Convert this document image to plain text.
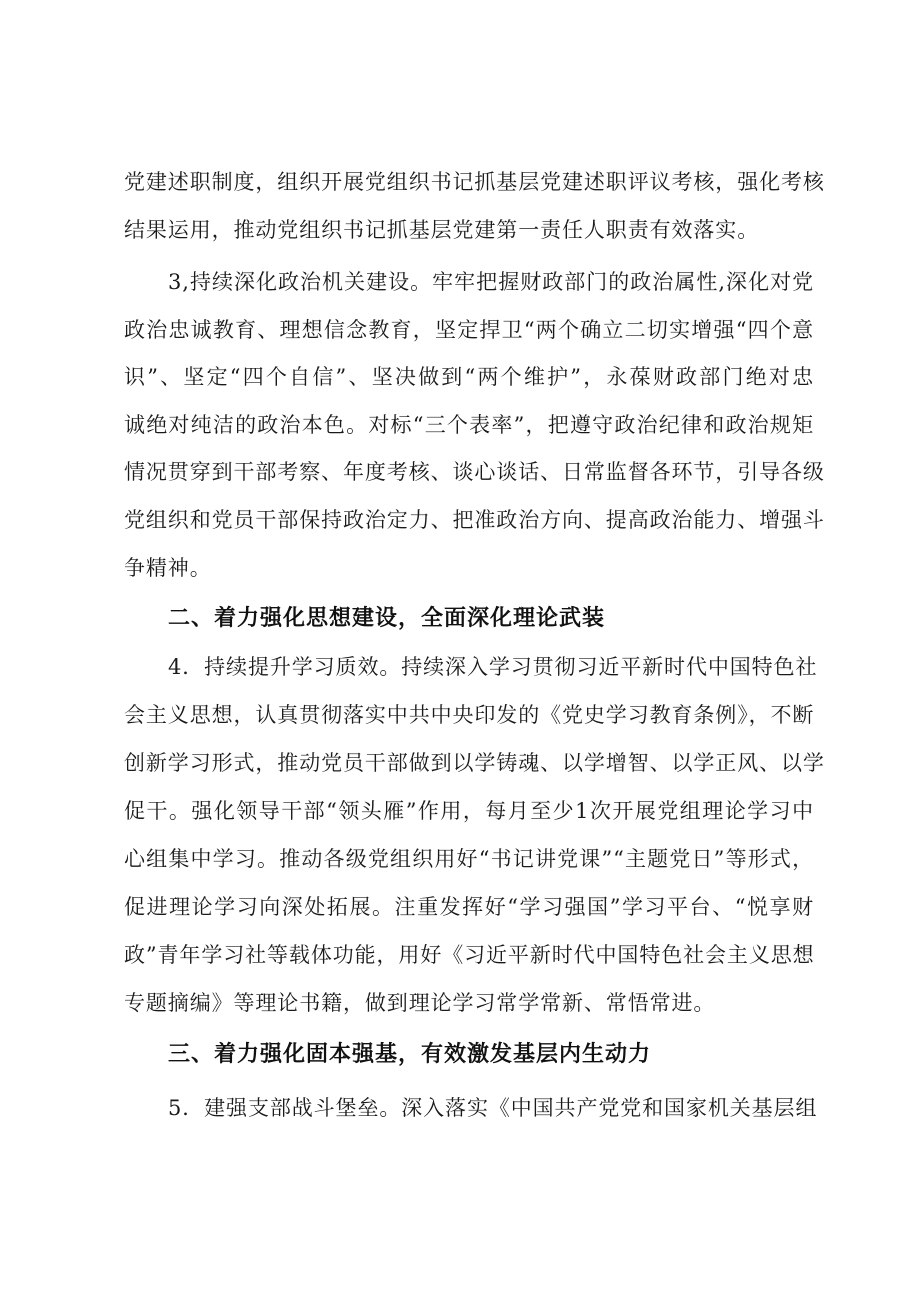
党建述职制度，组织开展党组织书记抓基层党建述职评议考核，强化考核
结果运用，推动党组织书记抓基层党建第一责任人职责有效落实。
3,持续深化政治机关建设。牢牢把握财政部门的政治属性,深化对党
政治忠诚教育、理想信念教育，坚定捍卫“两个确立二切实增强“四个意
识”、坚定“四个自信”、坚决做到“两个维护”，永葆财政部门绝对忠
诚绝对纯洁的政治本色。对标“三个表率”，把遵守政治纪律和政治规矩
情况贯穿到干部考察、年度考核、谈心谈话、日常监督各环节，引导各级
党组织和党员干部保持政治定力、把准政治方向、提高政治能力、增强斗
争精神。
二、着力强化思想建设，全面深化理论武装
4．持续提升学习质效。持续深入学习贯彻习近平新时代中国特色社
会主义思想，认真贯彻落实中共中央印发的《党史学习教育条例》，不断
创新学习形式，推动党员干部做到以学铸魂、以学增智、以学正风、以学
促干。强化领导干部“领头雁”作用，每月至少1次开展党组理论学习中
心组集中学习。推动各级党组织用好“书记讲党课”“主题党日”等形式，
促进理论学习向深处拓展。注重发挥好“学习强国”学习平台、“悦享财
政”青年学习社等载体功能，用好《习近平新时代中国特色社会主义思想
专题摘编》等理论书籍，做到理论学习常学常新、常悟常进。
三、着力强化固本强基，有效激发基层内生动力
5．建强支部战斗堡垒。深入落实《中国共产党党和国家机关基层组
